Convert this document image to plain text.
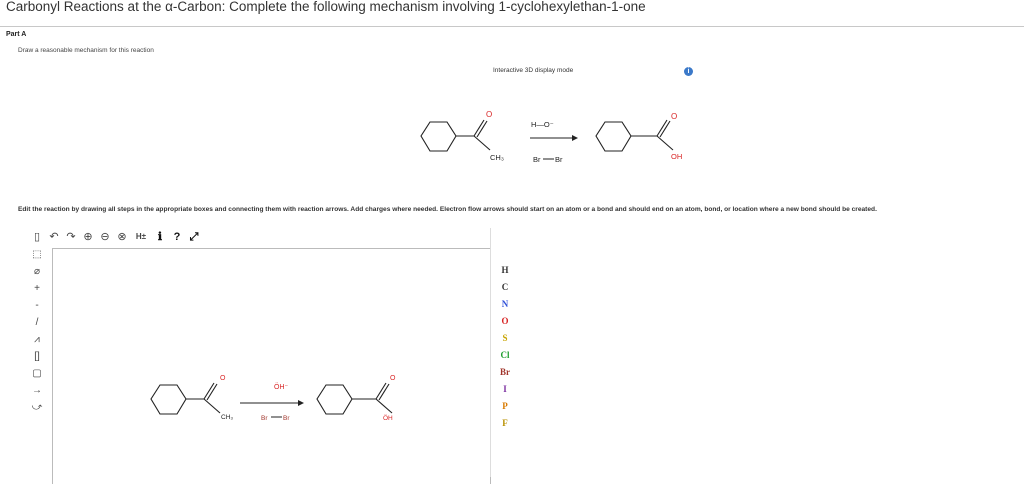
Carbonyl Reactions at the α-Carbon: Complete the following mechanism involving 1-cyclohexylethan-1-one
Part A
Draw a reasonable mechanism for this reaction
Interactive 3D display mode	i
O
CH₃
H—O⁻
Br Br
O
OH
Edit the reaction by drawing all steps in the appropriate boxes and connecting them with reaction arrows. Add charges where needed. Electron flow arrows should start on an atom or a bond and should end on an atom, bond, or location where a new bond should be created.
▯ ↶ ↷ ⊕ ⊖ ⊗	H±	ℹ	? ⤢
⬚
⌀
+
-
/
⩘
[]
▢
→
⤻
H
C
N
O
S
Cl
Br
I
P
F
O
CH₃
ÖH⁻
Br Br
O
ÖH
